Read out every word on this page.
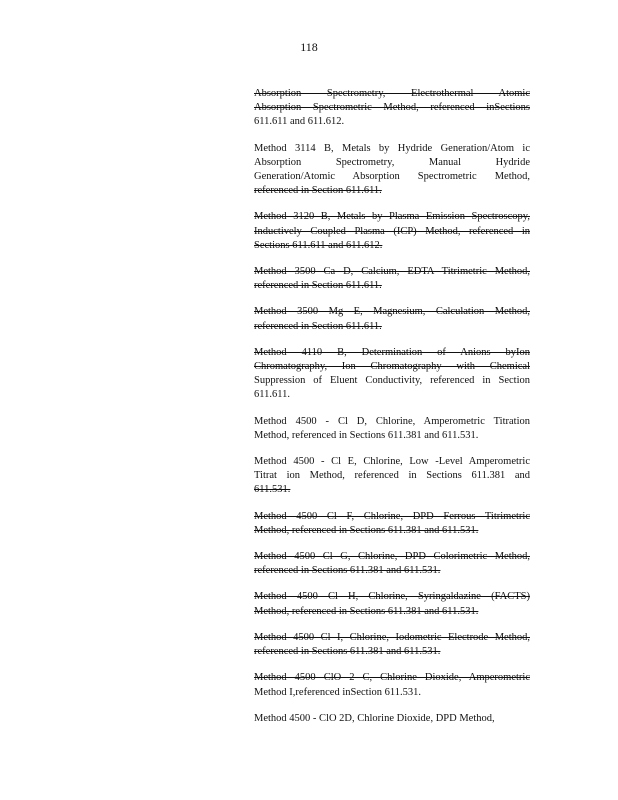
118
Absorption Spectrometry, Electrothermal Atomic
Absorption Spectrometric Method, referenced inSections
611.611 and 611.612.
Method 3114 B, Metals by Hydride Generation/Atom ic
Absorption Spectrometry, Manual Hydride
Generation/Atomic Absorption Spectrometric Method,
referenced in Section 611.611.
Method 3120 B, Metals by Plasma Emission Spectroscopy,
Inductively Coupled Plasma (ICP) Method, referenced in
Sections 611.611 and 611.612.
Method 3500 Ca D, Calcium, EDTA Titrimetric Method,
referenced in Section 611.611.
Method 3500 Mg E, Magnesium, Calculation Method,
referenced in Section 611.611.
Method 4110 B, Determination of Anions byIon
Chromatography, Ion Chromatography with Chemical
Suppression of Eluent Conductivity, referenced in Section
611.611.
Method 4500 - Cl D, Chlorine, Amperometric Titration
Method, referenced in Sections 611.381 and 611.531.
Method 4500 - Cl E, Chlorine, Low -Level Amperometric
Titrat ion Method, referenced in Sections 611.381 and
611.531.
Method 4500 Cl F, Chlorine, DPD Ferrous Titrimetric
Method, referenced in Sections 611.381 and 611.531.
Method 4500 Cl G, Chlorine, DPD Colorimetric Method,
referenced in Sections 611.381 and 611.531.
Method 4500 Cl H, Chlorine, Syringaldazine (FACTS)
Method, referenced in Sections 611.381 and 611.531.
Method 4500 Cl I, Chlorine, Iodometric Electrode Method,
referenced in Sections 611.381 and 611.531.
Method 4500 ClO 2 C, Chlorine Dioxide, Amperometric
Method I,referenced inSection 611.531.
Method 4500 - ClO 2D, Chlorine Dioxide, DPD Method,
